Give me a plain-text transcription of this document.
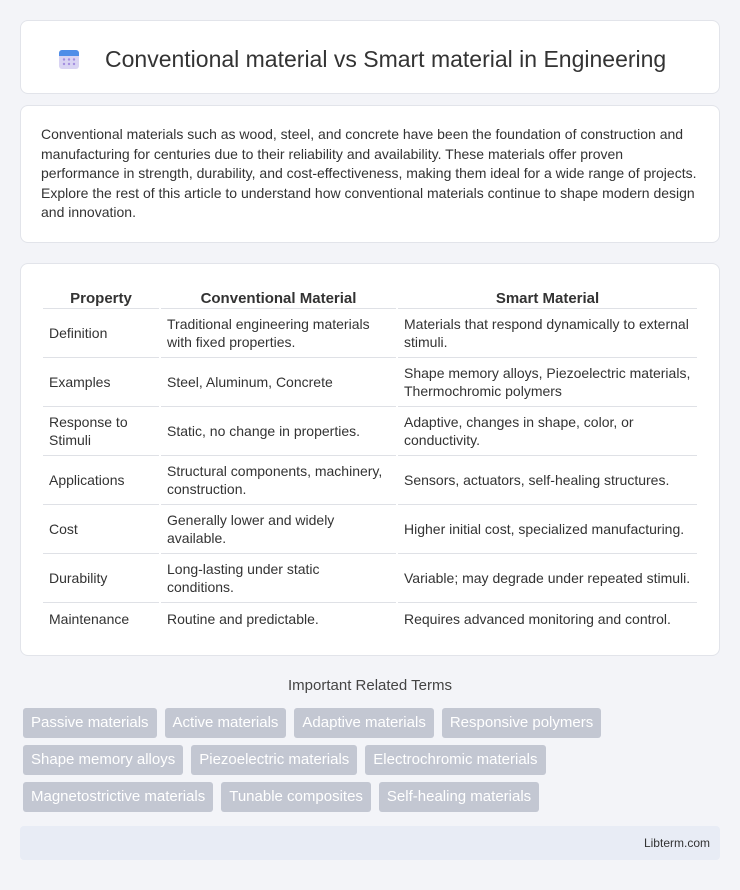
Conventional material vs Smart material in Engineering

Conventional materials such as wood, steel, and concrete have been the foundation of construction and manufacturing for centuries due to their reliability and availability. These materials offer proven performance in strength, durability, and cost-effectiveness, making them ideal for a wide range of projects. Explore the rest of this article to understand how conventional materials continue to shape modern design and innovation.

Property	Conventional Material	Smart Material
Definition	Traditional engineering materials with fixed properties.	Materials that respond dynamically to external stimuli.
Examples	Steel, Aluminum, Concrete	Shape memory alloys, Piezoelectric materials, Thermochromic polymers
Response to Stimuli	Static, no change in properties.	Adaptive, changes in shape, color, or conductivity.
Applications	Structural components, machinery, construction.	Sensors, actuators, self-healing structures.
Cost	Generally lower and widely available.	Higher initial cost, specialized manufacturing.
Durability	Long-lasting under static conditions.	Variable; may degrade under repeated stimuli.
Maintenance	Routine and predictable.	Requires advanced monitoring and control.
Important Related Terms
Passive materials	Active materials	Adaptive materials	Responsive polymers
Shape memory alloys	Piezoelectric materials	Electrochromic materials
Magnetostrictive materials	Tunable composites	Self-healing materials
Libterm.com
